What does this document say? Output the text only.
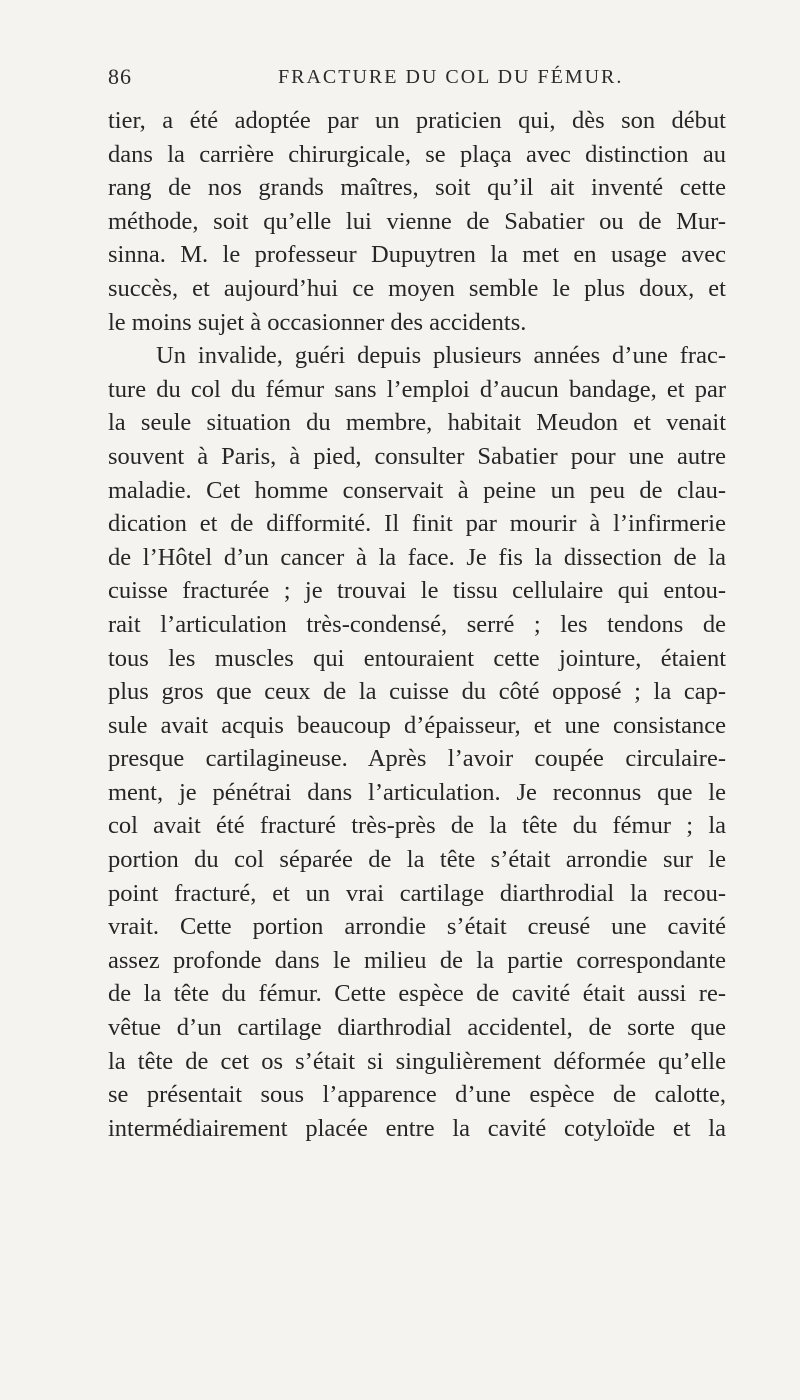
86	FRACTURE DU COL DU FÉMUR.
tier, a été adoptée par un praticien qui, dès son début
dans la carrière chirurgicale, se plaça avec distinction au
rang de nos grands maîtres, soit qu’il ait inventé cette
méthode, soit qu’elle lui vienne de Sabatier ou de Mur-
sinna. M. le professeur Dupuytren la met en usage avec
succès, et aujourd’hui ce moyen semble le plus doux, et
le moins sujet à occasionner des accidents.
Un invalide, guéri depuis plusieurs années d’une frac-
ture du col du fémur sans l’emploi d’aucun bandage, et par
la seule situation du membre, habitait Meudon et venait
souvent à Paris, à pied, consulter Sabatier pour une autre
maladie. Cet homme conservait à peine un peu de clau-
dication et de difformité. Il finit par mourir à l’infirmerie
de l’Hôtel d’un cancer à la face. Je fis la dissection de la
cuisse fracturée ; je trouvai le tissu cellulaire qui entou-
rait l’articulation très-condensé, serré ; les tendons de
tous les muscles qui entouraient cette jointure, étaient
plus gros que ceux de la cuisse du côté opposé ; la cap-
sule avait acquis beaucoup d’épaisseur, et une consistance
presque cartilagineuse. Après l’avoir coupée circulaire-
ment, je pénétrai dans l’articulation. Je reconnus que le
col avait été fracturé très-près de la tête du fémur ; la
portion du col séparée de la tête s’était arrondie sur le
point fracturé, et un vrai cartilage diarthrodial la recou-
vrait. Cette portion arrondie s’était creusé une cavité
assez profonde dans le milieu de la partie correspondante
de la tête du fémur. Cette espèce de cavité était aussi re-
vêtue d’un cartilage diarthrodial accidentel, de sorte que
la tête de cet os s’était si singulièrement déformée qu’elle
se présentait sous l’apparence d’une espèce de calotte,
intermédiairement placée entre la cavité cotyloïde et la
